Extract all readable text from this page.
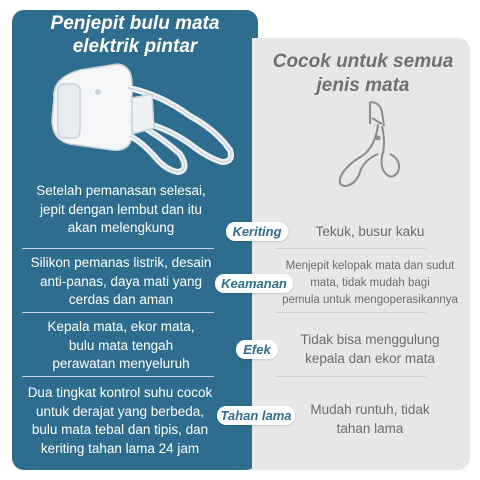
Penjepit bulu mata
elektrik pintar
Cocok untuk semua
jenis mata
Setelah pemanasan selesai,
jepit dengan lembut dan itu
akan melengkung
Silikon pemanas listrik, desain
anti-panas, daya mati yang
cerdas dan aman
Kepala mata, ekor mata,
bulu mata tengah
perawatan menyeluruh
Dua tingkat kontrol suhu cocok
untuk derajat yang berbeda,
bulu mata tebal dan tipis, dan
keriting tahan lama 24 jam
Tekuk, busur kaku
Menjepit kelopak mata dan sudut
mata, tidak mudah bagi
pemula untuk mengoperasikannya
Tidak bisa menggulung
kepala dan ekor mata
Mudah runtuh, tidak
tahan lama
Keriting
Keamanan
Efek
Tahan lama
